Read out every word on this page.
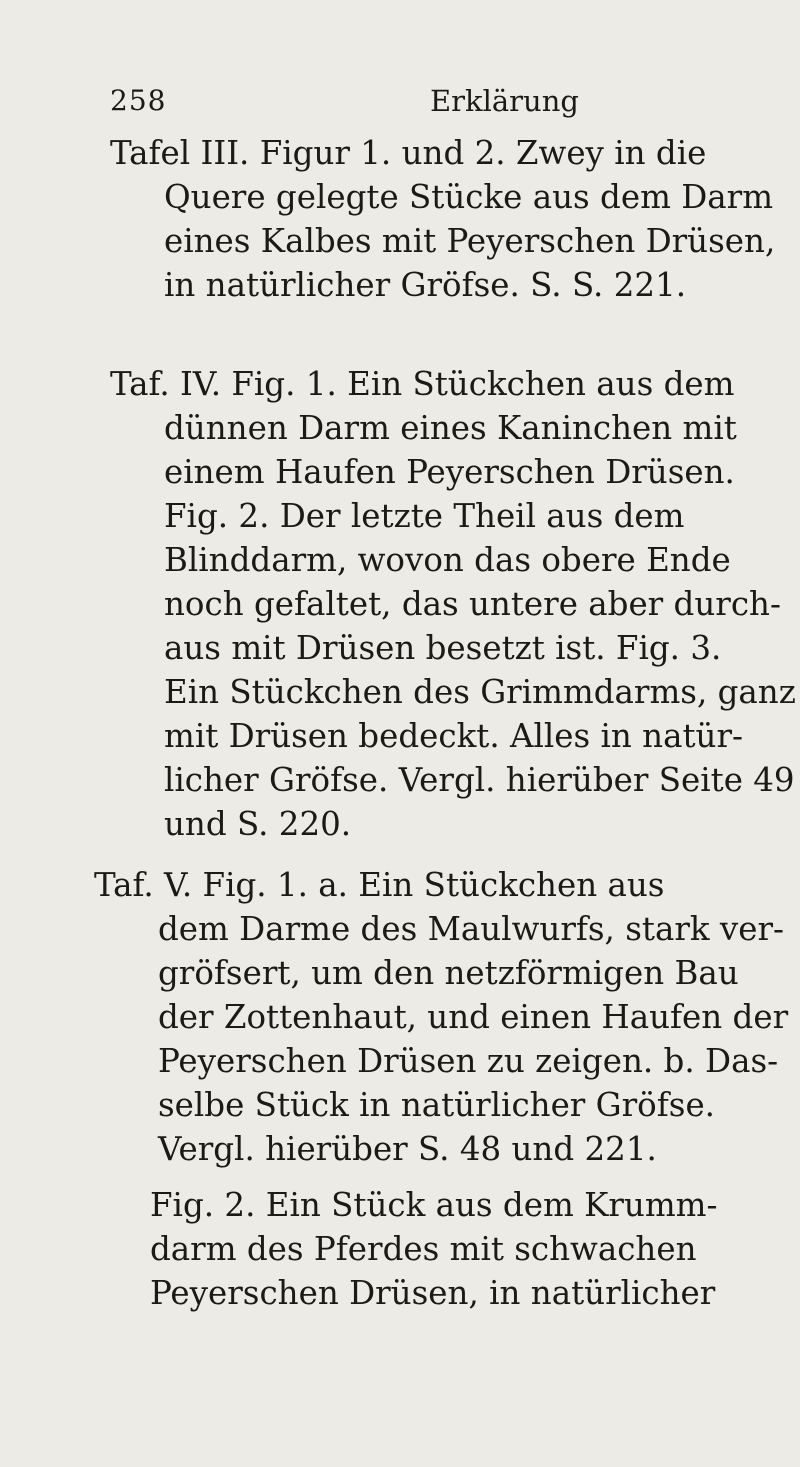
258	Erklärung
Tafel III. Figur 1. und 2. Zwey in die
Quere gelegte Stücke aus dem Darm
eines Kalbes mit Peyerschen Drüsen,
in natürlicher Gröfse. S. S. 221.
Taf. IV. Fig. 1. Ein Stückchen aus dem
dünnen Darm eines Kaninchen mit
einem Haufen Peyerschen Drüsen.
Fig. 2. Der letzte Theil aus dem
Blinddarm, wovon das obere Ende
noch gefaltet, das untere aber durch-
aus mit Drüsen besetzt ist. Fig. 3.
Ein Stückchen des Grimmdarms, ganz
mit Drüsen bedeckt. Alles in natür-
licher Gröfse. Vergl. hierüber Seite 49
und S. 220.
Taf. V. Fig. 1. a. Ein Stückchen aus
dem Darme des Maulwurfs, stark ver-
gröfsert, um den netzförmigen Bau
der Zottenhaut, und einen Haufen der
Peyerschen Drüsen zu zeigen. b. Das-
selbe Stück in natürlicher Gröfse.
Vergl. hierüber S. 48 und 221.
Fig. 2. Ein Stück aus dem Krumm-
darm des Pferdes mit schwachen
Peyerschen Drüsen, in natürlicher
